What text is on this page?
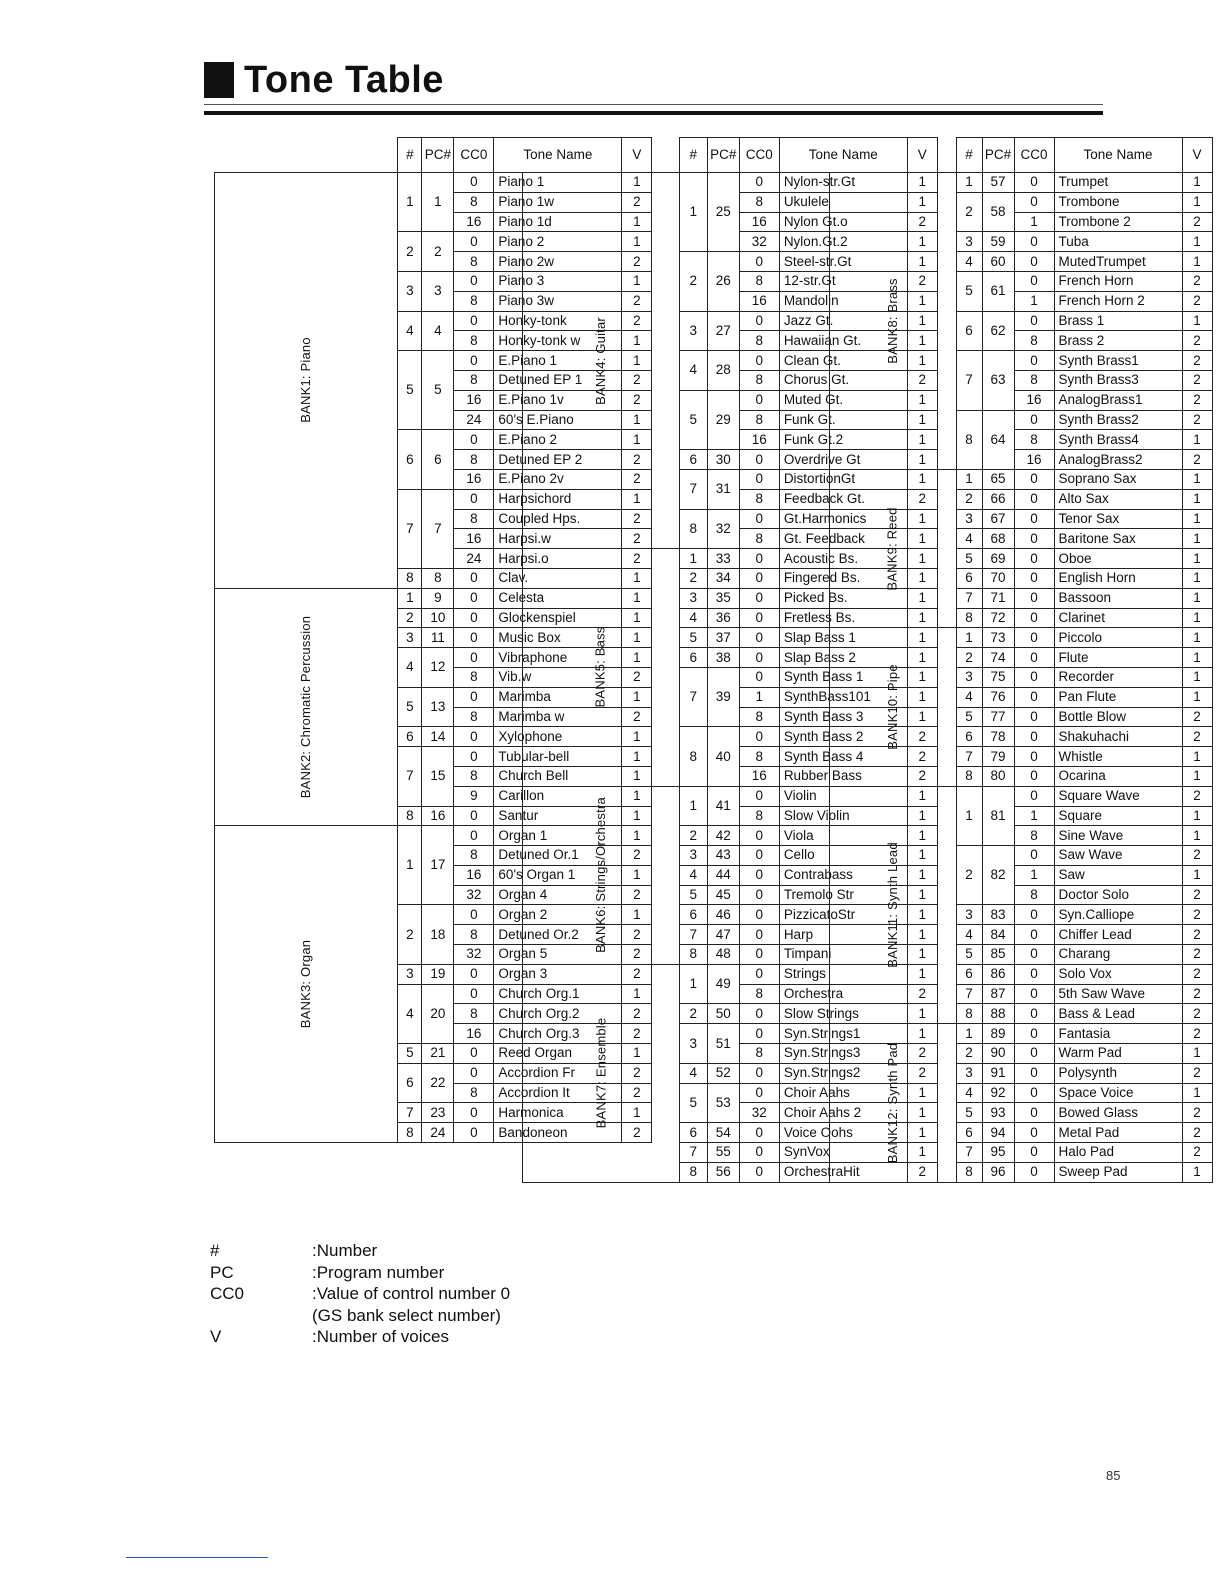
Tone Table
	#	PC#	CC0	Tone Name	V
BANK1: Piano	1	1	0	Piano 1	1
			8	Piano 1w	2
			16	Piano 1d	1
	2	2	0	Piano 2	1
			8	Piano 2w	2
	3	3	0	Piano 3	1
			8	Piano 3w	2
	4	4	0	Honky-tonk	2
			8	Honky-tonk w	1
	5	5	0	E.Piano 1	1
			8	Detuned EP 1	2
			16	E.Piano 1v	2
			24	60's E.Piano	1
	6	6	0	E.Piano 2	1
			8	Detuned EP 2	2
			16	E.Piano 2v	2
	7	7	0	Harpsichord	1
			8	Coupled Hps.	2
			16	Harpsi.w	2
			24	Harpsi.o	2
	8	8	0	Clav.	1
BANK2: Chromatic Percussion	1	9	0	Celesta	1
	2	10	0	Glockenspiel	1
	3	11	0	Music Box	1
	4	12	0	Vibraphone	1
			8	Vib.w	2
	5	13	0	Marimba	1
			8	Marimba w	2
	6	14	0	Xylophone	1
	7	15	0	Tubular-bell	1
			8	Church Bell	1
			9	Carillon	1
	8	16	0	Santur	1
BANK3: Organ	1	17	0	Organ 1	1
			8	Detuned Or.1	2
			16	60's Organ 1	1
			32	Organ 4	2
	2	18	0	Organ 2	1
			8	Detuned Or.2	2
			32	Organ 5	2
	3	19	0	Organ 3	2
	4	20	0	Church Org.1	1
			8	Church Org.2	2
			16	Church Org.3	2
	5	21	0	Reed Organ	1
	6	22	0	Accordion Fr	2
			8	Accordion It	2
	7	23	0	Harmonica	1
	8	24	0	Bandoneon	2
	#	PC#	CC0	Tone Name	V
BANK4: Guitar	1	25	0	Nylon-str.Gt	1
			8	Ukulele	1
			16	Nylon Gt.o	2
			32	Nylon.Gt.2	1
	2	26	0	Steel-str.Gt	1
			8	12-str.Gt	2
			16	Mandolin	1
	3	27	0	Jazz Gt.	1
			8	Hawaiian Gt.	1
	4	28	0	Clean Gt.	1
			8	Chorus Gt.	2
	5	29	0	Muted Gt.	1
			8	Funk Gt.	1
			16	Funk Gt.2	1
	6	30	0	Overdrive Gt	1
	7	31	0	DistortionGt	1
			8	Feedback Gt.	2
	8	32	0	Gt.Harmonics	1
			8	Gt. Feedback	1
BANK5: Bass	1	33	0	Acoustic Bs.	1
	2	34	0	Fingered Bs.	1
	3	35	0	Picked Bs.	1
	4	36	0	Fretless Bs.	1
	5	37	0	Slap Bass 1	1
	6	38	0	Slap Bass 2	1
	7	39	0	Synth Bass 1	1
			1	SynthBass101	1
			8	Synth Bass 3	1
	8	40	0	Synth Bass 2	2
			8	Synth Bass 4	2
			16	Rubber Bass	2
BANK6: Strings/Orchestra	1	41	0	Violin	1
			8	Slow Violin	1
	2	42	0	Viola	1
	3	43	0	Cello	1
	4	44	0	Contrabass	1
	5	45	0	Tremolo Str	1
	6	46	0	PizzicatoStr	1
	7	47	0	Harp	1
	8	48	0	Timpani	1
BANK7: Ensemble	1	49	0	Strings	1
			8	Orchestra	2
	2	50	0	Slow Strings	1
	3	51	0	Syn.Strings1	1
			8	Syn.Strings3	2
	4	52	0	Syn.Strings2	2
	5	53	0	Choir Aahs	1
			32	Choir Aahs 2	1
	6	54	0	Voice Oohs	1
	7	55	0	SynVox	1
	8	56	0	OrchestraHit	2
	#	PC#	CC0	Tone Name	V
BANK8: Brass	1	57	0	Trumpet	1
	2	58	0	Trombone	1
			1	Trombone 2	2
	3	59	0	Tuba	1
	4	60	0	MutedTrumpet	1
	5	61	0	French Horn	2
			1	French Horn 2	2
	6	62	0	Brass 1	1
			8	Brass 2	2
	7	63	0	Synth Brass1	2
			8	Synth Brass3	2
			16	AnalogBrass1	2
	8	64	0	Synth Brass2	2
			8	Synth Brass4	1
			16	AnalogBrass2	2
BANK9: Reed	1	65	0	Soprano Sax	1
	2	66	0	Alto Sax	1
	3	67	0	Tenor Sax	1
	4	68	0	Baritone Sax	1
	5	69	0	Oboe	1
	6	70	0	English Horn	1
	7	71	0	Bassoon	1
	8	72	0	Clarinet	1
BANK10: Pipe	1	73	0	Piccolo	1
	2	74	0	Flute	1
	3	75	0	Recorder	1
	4	76	0	Pan Flute	1
	5	77	0	Bottle Blow	2
	6	78	0	Shakuhachi	2
	7	79	0	Whistle	1
	8	80	0	Ocarina	1
BANK11: Synth Lead	1	81	0	Square Wave	2
			1	Square	1
			8	Sine Wave	1
	2	82	0	Saw Wave	2
			1	Saw	1
			8	Doctor Solo	2
	3	83	0	Syn.Calliope	2
	4	84	0	Chiffer Lead	2
	5	85	0	Charang	2
	6	86	0	Solo Vox	2
	7	87	0	5th Saw Wave	2
	8	88	0	Bass & Lead	2
BANK12: Synth Pad	1	89	0	Fantasia	2
	2	90	0	Warm Pad	1
	3	91	0	Polysynth	2
	4	92	0	Space Voice	1
	5	93	0	Bowed Glass	2
	6	94	0	Metal Pad	2
	7	95	0	Halo Pad	2
	8	96	0	Sweep Pad	1
#	:Number
PC	:Program number
CC0	:Value of control number 0
(GS bank select number)
V	:Number of voices
85
